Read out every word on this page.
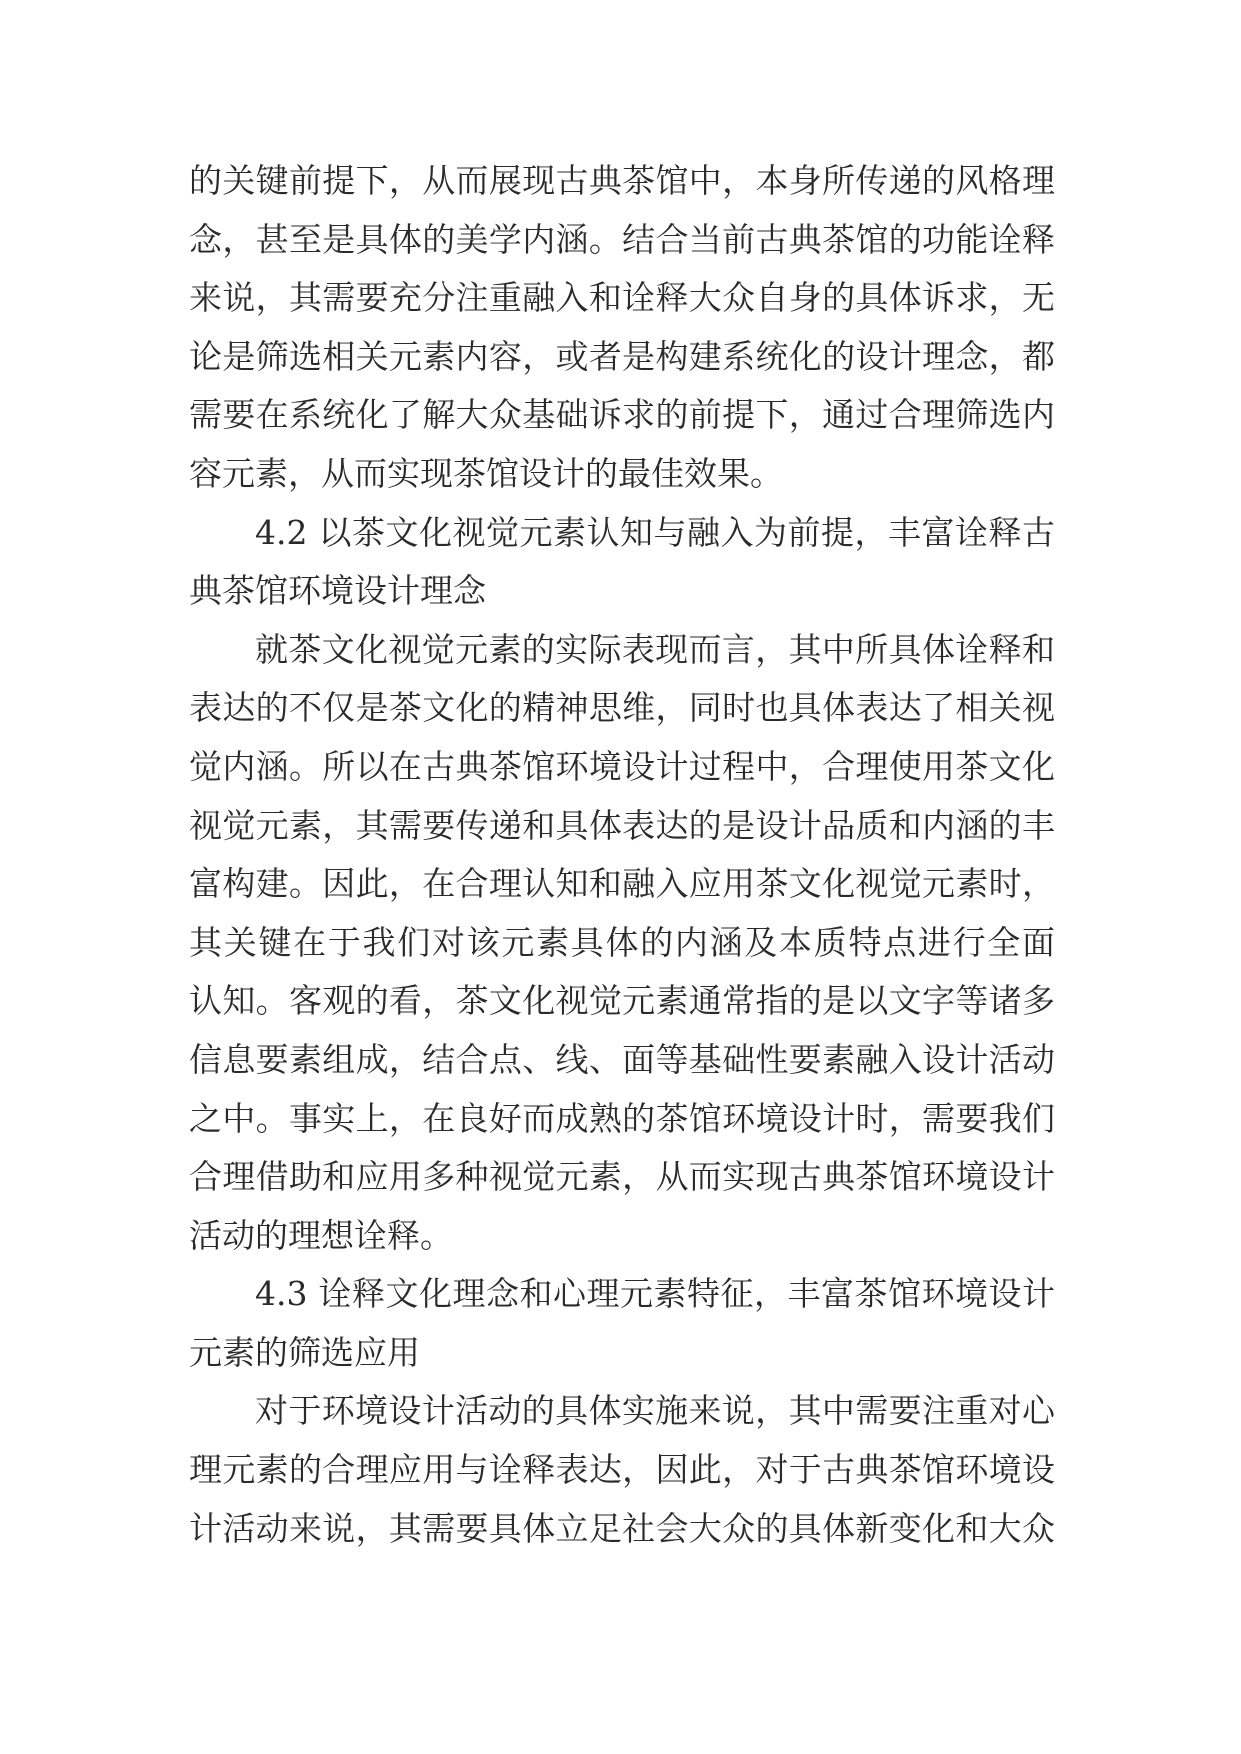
的关键前提下，从而展现古典茶馆中，本身所传递的风格理
念，甚至是具体的美学内涵。结合当前古典茶馆的功能诠释
来说，其需要充分注重融入和诠释大众自身的具体诉求，无
论是筛选相关元素内容，或者是构建系统化的设计理念，都
需要在系统化了解大众基础诉求的前提下，通过合理筛选内
容元素，从而实现茶馆设计的最佳效果。
4.2 以茶文化视觉元素认知与融入为前提，丰富诠释古
典茶馆环境设计理念
就茶文化视觉元素的实际表现而言，其中所具体诠释和
表达的不仅是茶文化的精神思维，同时也具体表达了相关视
觉内涵。所以在古典茶馆环境设计过程中，合理使用茶文化
视觉元素，其需要传递和具体表达的是设计品质和内涵的丰
富构建。因此，在合理认知和融入应用茶文化视觉元素时，
其关键在于我们对该元素具体的内涵及本质特点进行全面
认知。客观的看，茶文化视觉元素通常指的是以文字等诸多
信息要素组成，结合点、线、面等基础性要素融入设计活动
之中。事实上，在良好而成熟的茶馆环境设计时，需要我们
合理借助和应用多种视觉元素，从而实现古典茶馆环境设计
活动的理想诠释。
4.3 诠释文化理念和心理元素特征，丰富茶馆环境设计
元素的筛选应用
对于环境设计活动的具体实施来说，其中需要注重对心
理元素的合理应用与诠释表达，因此，对于古典茶馆环境设
计活动来说，其需要具体立足社会大众的具体新变化和大众
